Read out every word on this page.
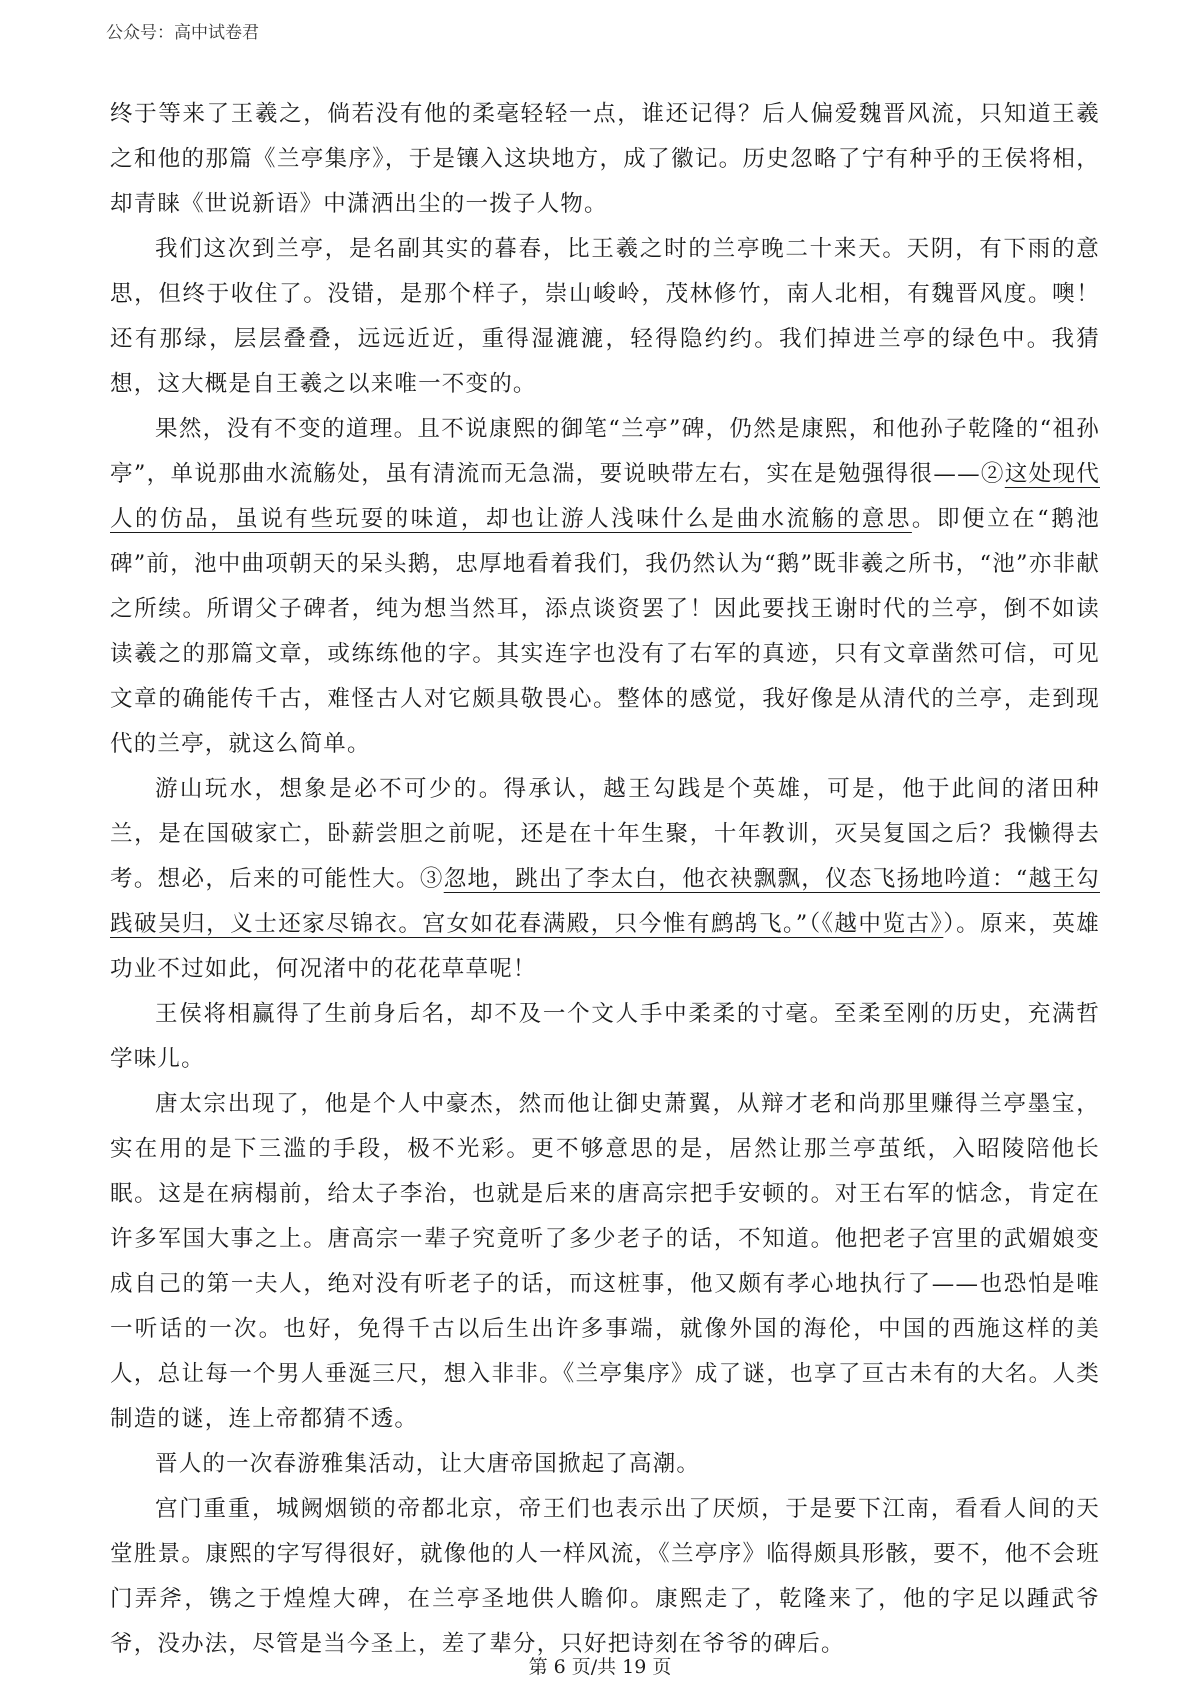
公众号：高中试卷君

终于等来了王羲之，倘若没有他的柔毫轻轻一点，谁还记得？后人偏爱魏晋风流，只知道王羲之和他的那篇《兰亭集序》，于是镶入这块地方，成了徽记。历史忽略了宁有种乎的王侯将相，却青睐《世说新语》中潇洒出尘的一拨子人物。

我们这次到兰亭，是名副其实的暮春，比王羲之时的兰亭晚二十来天。天阴，有下雨的意思，但终于收住了。没错，是那个样子，崇山峻岭，茂林修竹，南人北相，有魏晋风度。噢！还有那绿，层层叠叠，远远近近，重得湿漉漉，轻得隐约约。我们掉进兰亭的绿色中。我猜想，这大概是自王羲之以来唯一不变的。

果然，没有不变的道理。且不说康熙的御笔“兰亭”碑，仍然是康熙，和他孙子乾隆的“祖孙亭”，单说那曲水流觞处，虽有清流而无急湍，要说映带左右，实在是勉强得很——②这处现代人的仿品，虽说有些玩耍的味道，却也让游人浅味什么是曲水流觞的意思。即便立在“鹅池碑”前，池中曲项朝天的呆头鹅，忠厚地看着我们，我仍然认为“鹅”既非羲之所书，“池”亦非献之所续。所谓父子碑者，纯为想当然耳，添点谈资罢了！因此要找王谢时代的兰亭，倒不如读读羲之的那篇文章，或练练他的字。其实连字也没有了右军的真迹，只有文章凿然可信，可见文章的确能传千古，难怪古人对它颇具敬畏心。整体的感觉，我好像是从清代的兰亭，走到现代的兰亭，就这么简单。

游山玩水，想象是必不可少的。得承认，越王勾践是个英雄，可是，他于此间的渚田种兰，是在国破家亡，卧薪尝胆之前呢，还是在十年生聚，十年教训，灭吴复国之后？我懒得去考。想必，后来的可能性大。③忽地，跳出了李太白，他衣袂飘飘，仪态飞扬地吟道：“越王勾践破吴归，义士还家尽锦衣。宫女如花春满殿，只今惟有鹧鸪飞。”（《越中览古》）。原来，英雄功业不过如此，何况渚中的花花草草呢！

王侯将相赢得了生前身后名，却不及一个文人手中柔柔的寸毫。至柔至刚的历史，充满哲学味儿。

唐太宗出现了，他是个人中豪杰，然而他让御史萧翼，从辩才老和尚那里赚得兰亭墨宝，实在用的是下三滥的手段，极不光彩。更不够意思的是，居然让那兰亭茧纸，入昭陵陪他长眠。这是在病榻前，给太子李治，也就是后来的唐高宗把手安顿的。对王右军的惦念，肯定在许多军国大事之上。唐高宗一辈子究竟听了多少老子的话，不知道。他把老子宫里的武媚娘变成自己的第一夫人，绝对没有听老子的话，而这桩事，他又颇有孝心地执行了——也恐怕是唯一听话的一次。也好，免得千古以后生出许多事端，就像外国的海伦，中国的西施这样的美人，总让每一个男人垂涎三尺，想入非非。《兰亭集序》成了谜，也享了亘古未有的大名。人类制造的谜，连上帝都猜不透。

晋人的一次春游雅集活动，让大唐帝国掀起了高潮。

宫门重重，城阙烟锁的帝都北京，帝王们也表示出了厌烦，于是要下江南，看看人间的天堂胜景。康熙的字写得很好，就像他的人一样风流，《兰亭序》临得颇具形骸，要不，他不会班门弄斧，镌之于煌煌大碑，在兰亭圣地供人瞻仰。康熙走了，乾隆来了，他的字足以踵武爷爷，没办法，尽管是当今圣上，差了辈分，只好把诗刻在爷爷的碑后。

第 6 页/共 19 页
